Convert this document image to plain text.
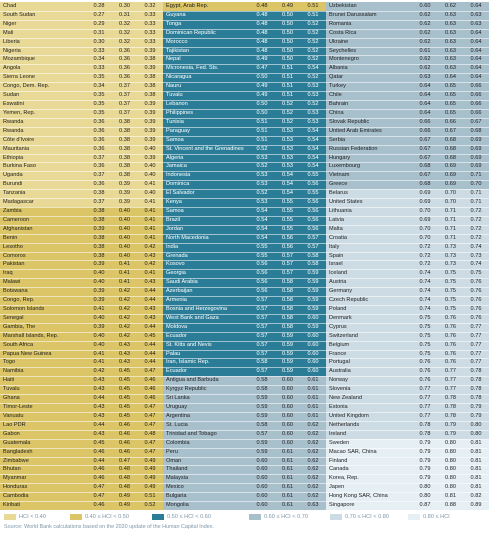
Chad	0.28	0.30	0.32
South Sudan	0.27	0.31	0.33
Niger	0.29	0.32	0.33
Mali	0.31	0.32	0.33
Liberia	0.30	0.32	0.33
Nigeria	0.33	0.36	0.39
Mozambique	0.34	0.36	0.38
Angola	0.33	0.36	0.39
Sierra Leone	0.35	0.36	0.38
Congo, Dem. Rep.	0.34	0.37	0.38
Sudan	0.35	0.37	0.38
Eswatini	0.35	0.37	0.39
Yemen, Rep.	0.35	0.37	0.39
Rwanda	0.36	0.38	0.39
Rwanda	0.36	0.38	0.39
Côte d'Ivoire	0.36	0.38	0.39
Mauritania	0.36	0.38	0.40
Ethiopia	0.37	0.38	0.39
Burkina Faso	0.36	0.38	0.40
Uganda	0.37	0.38	0.40
Burundi	0.36	0.39	0.41
Tanzania	0.38	0.39	0.40
Madagascar	0.37	0.39	0.41
Zambia	0.38	0.40	0.41
Cameroon	0.38	0.40	0.41
Afghanistan	0.39	0.40	0.41
Benin	0.38	0.40	0.41
Lesotho	0.38	0.40	0.42
Comoros	0.38	0.40	0.43
Pakistan	0.39	0.41	0.42
Iraq	0.40	0.41	0.41
Malawi	0.40	0.41	0.43
Botswana	0.39	0.42	0.44
Congo, Rep.	0.39	0.42	0.44
Solomon Islands	0.41	0.42	0.43
Senegal	0.40	0.42	0.43
Gambia, The	0.39	0.42	0.44
Marshall Islands, Rep.	0.40	0.42	0.45
South Africa	0.40	0.43	0.44
Papua New Guinea	0.41	0.43	0.44
Togo	0.41	0.43	0.44
Namibia	0.42	0.45	0.47
Haiti	0.43	0.45	0.46
Tuvalu	0.43	0.45	0.46
Ghana	0.44	0.45	0.46
Timor-Leste	0.43	0.45	0.47
Vanuatu	0.43	0.45	0.47
Lao PDR	0.44	0.46	0.47
Gabon	0.43	0.46	0.48
Guatemala	0.45	0.46	0.47
Bangladesh	0.46	0.46	0.47
Zimbabwe	0.44	0.47	0.49
Bhutan	0.46	0.48	0.49
Myanmar	0.46	0.48	0.49
Honduras	0.47	0.48	0.49
Cambodia	0.47	0.49	0.51
Kiribati	0.46	0.49	0.52
Egypt, Arab Rep.	0.48	0.49	0.51
Guyana	0.48	0.50	0.51
Tonga	0.48	0.50	0.52
Dominican Republic	0.48	0.50	0.52
Morocco	0.48	0.50	0.52
Tajikistan	0.48	0.50	0.52
Nepal	0.49	0.50	0.52
Micronesia, Fed. Sts.	0.47	0.51	0.54
Nicaragua	0.50	0.51	0.52
Nauru	0.49	0.51	0.53
Tuvalu	0.49	0.51	0.53
Lebanon	0.50	0.52	0.52
Philippines	0.50	0.52	0.53
Tunisia	0.51	0.52	0.53
Paraguay	0.51	0.53	0.54
Samoa	0.51	0.53	0.54
St. Vincent and the Grenadines	0.52	0.53	0.54
Algeria	0.53	0.53	0.54
Jamaica	0.52	0.53	0.54
Indonesia	0.53	0.54	0.55
Dominica	0.53	0.54	0.56
El Salvador	0.52	0.54	0.55
Kenya	0.53	0.55	0.56
Samoa	0.54	0.55	0.56
Brazil	0.54	0.55	0.56
Jordan	0.54	0.55	0.56
North Macedonia	0.54	0.56	0.57
India	0.55	0.56	0.57
Grenada	0.55	0.57	0.58
Kosovo	0.56	0.57	0.58
Georgia	0.56	0.57	0.59
Saudi Arabia	0.56	0.58	0.59
Azerbaijan	0.56	0.58	0.59
Armenia	0.57	0.58	0.59
Bosnia and Herzegovina	0.57	0.58	0.59
West Bank and Gaza	0.57	0.58	0.60
Moldova	0.57	0.58	0.59
Ecuador	0.57	0.59	0.60
St. Kitts and Nevis	0.57	0.59	0.60
Palau	0.57	0.59	0.60
Iran, Islamic Rep.	0.58	0.59	0.60
Ecuador	0.57	0.59	0.60
Antigua and Barbuda	0.58	0.60	0.61
Kyrgyz Republic	0.58	0.60	0.61
Sri Lanka	0.59	0.60	0.61
Uruguay	0.59	0.60	0.61
Argentina	0.59	0.60	0.61
St. Lucia	0.58	0.60	0.62
Trinidad and Tobago	0.57	0.60	0.62
Colombia	0.59	0.60	0.62
Peru	0.59	0.61	0.62
Oman	0.60	0.61	0.62
Thailand	0.60	0.61	0.62
Malaysia	0.60	0.61	0.62
Mexico	0.60	0.61	0.62
Bulgaria	0.60	0.61	0.62
Mongolia	0.60	0.61	0.63
Uzbekistan	0.60	0.62	0.64
Brunei Darussalam	0.62	0.63	0.63
Romania	0.62	0.63	0.63
Costa Rica	0.62	0.63	0.64
Ukraine	0.62	0.63	0.64
Seychelles	0.61	0.63	0.64
Montenegro	0.62	0.63	0.64
Albania	0.62	0.63	0.64
Qatar	0.63	0.64	0.64
Turkey	0.64	0.65	0.66
Chile	0.64	0.65	0.66
Bahrain	0.64	0.65	0.66
China	0.64	0.65	0.66
Slovak Republic	0.66	0.66	0.67
United Arab Emirates	0.66	0.67	0.68
Serbia	0.67	0.68	0.69
Russian Federation	0.67	0.68	0.69
Hungary	0.67	0.68	0.69
Luxembourg	0.68	0.69	0.69
Vietnam	0.67	0.69	0.71
Greece	0.68	0.69	0.70
Belarus	0.69	0.70	0.71
United States	0.69	0.70	0.71
Lithuania	0.70	0.71	0.72
Latvia	0.69	0.71	0.72
Malta	0.70	0.71	0.72
Croatia	0.70	0.71	0.72
Italy	0.72	0.73	0.74
Spain	0.72	0.73	0.73
Israel	0.72	0.73	0.74
Iceland	0.74	0.75	0.75
Austria	0.74	0.75	0.76
Germany	0.74	0.75	0.76
Czech Republic	0.74	0.75	0.76
Poland	0.74	0.75	0.76
Denmark	0.75	0.76	0.76
Cyprus	0.75	0.76	0.77
Switzerland	0.75	0.76	0.77
Belgium	0.75	0.76	0.77
France	0.75	0.76	0.77
Portugal	0.76	0.76	0.77
Australia	0.76	0.77	0.78
Norway	0.76	0.77	0.78
Slovenia	0.77	0.77	0.78
New Zealand	0.77	0.78	0.78
Estonia	0.77	0.78	0.79
United Kingdom	0.77	0.78	0.79
Netherlands	0.78	0.79	0.80
Ireland	0.78	0.79	0.80
Sweden	0.79	0.80	0.81
Macao SAR, China	0.79	0.80	0.81
Finland	0.79	0.80	0.81
Canada	0.79	0.80	0.81
Korea, Rep.	0.79	0.80	0.81
Japen	0.80	0.80	0.81
Hong Kong SAR, China	0.80	0.81	0.82
Singapore	0.87	0.88	0.89
HCI < 0.40	0.40 ≤ HCI < 0.50	0.50 ≤ HCI < 0.60	0.60 ≤ HCI < 0.70	0.70 ≤ HCI < 0.80	0.80 ≤ HCI
Source: World Bank calculations based on the 2020 update of the Human Capital Index.
